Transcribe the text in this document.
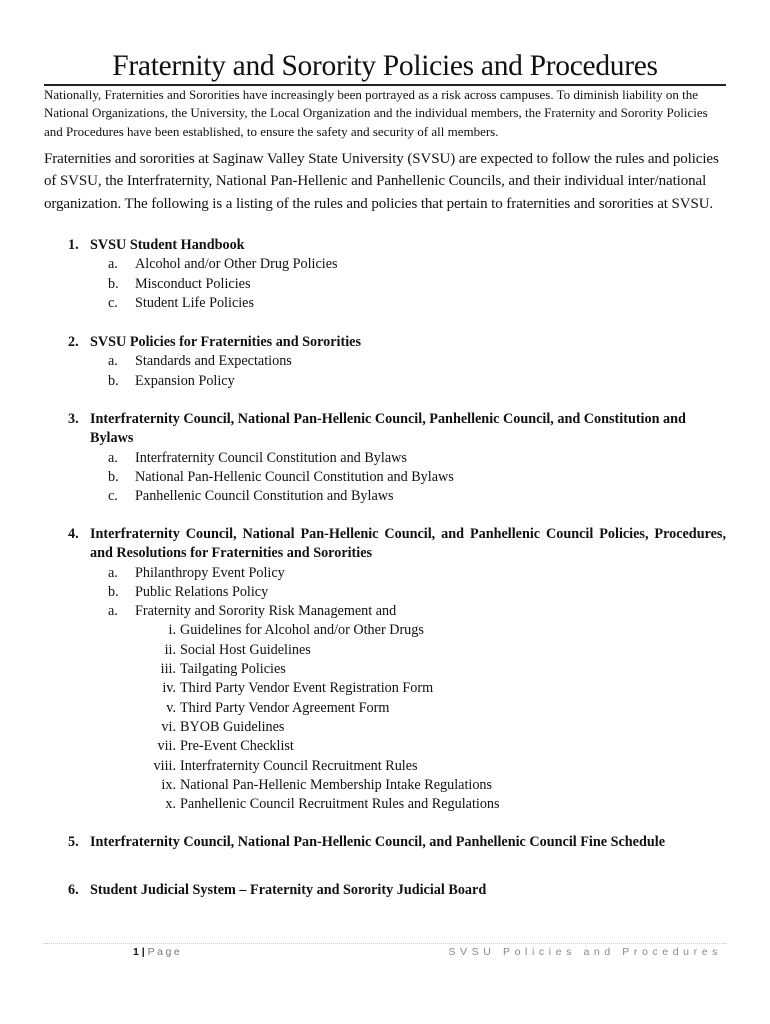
Fraternity and Sorority Policies and Procedures

Nationally, Fraternities and Sororities have increasingly been portrayed as a risk across campuses. To diminish liability on the National Organizations, the University, the Local Organization and the individual members, the Fraternity and Sorority Policies and Procedures have been established, to ensure the safety and security of all members.

Fraternities and sororities at Saginaw Valley State University (SVSU) are expected to follow the rules and policies of SVSU, the Interfraternity, National Pan-Hellenic and Panhellenic Councils, and their individual inter/national organization. The following is a listing of the rules and policies that pertain to fraternities and sororities at SVSU.

1. SVSU Student Handbook
a.	Alcohol and/or Other Drug Policies
b.	Misconduct Policies
c.	Student Life Policies
2. SVSU Policies for Fraternities and Sororities
a.	Standards and Expectations
b.	Expansion Policy
3. Interfraternity Council, National Pan-Hellenic Council, Panhellenic Council, and Constitution and Bylaws
a.	Interfraternity Council Constitution and Bylaws
b.	National Pan-Hellenic Council Constitution and Bylaws
c.	Panhellenic Council Constitution and Bylaws
4. Interfraternity Council, National Pan-Hellenic Council, and Panhellenic Council Policies, Procedures, and Resolutions for Fraternities and Sororities
a.	Philanthropy Event Policy
b.	Public Relations Policy
a.	Fraternity and Sorority Risk Management and
i. Guidelines for Alcohol and/or Other Drugs
ii. Social Host Guidelines
iii. Tailgating Policies
iv. Third Party Vendor Event Registration Form
v. Third Party Vendor Agreement Form
vi. BYOB Guidelines
vii. Pre-Event Checklist
viii. Interfraternity Council Recruitment Rules
ix. National Pan-Hellenic Membership Intake Regulations
x. Panhellenic Council Recruitment Rules and Regulations
5. Interfraternity Council, National Pan-Hellenic Council, and Panhellenic Council Fine Schedule
6. Student Judicial System – Fraternity and Sorority Judicial Board
1 | Page	SVSU Policies and Procedures
